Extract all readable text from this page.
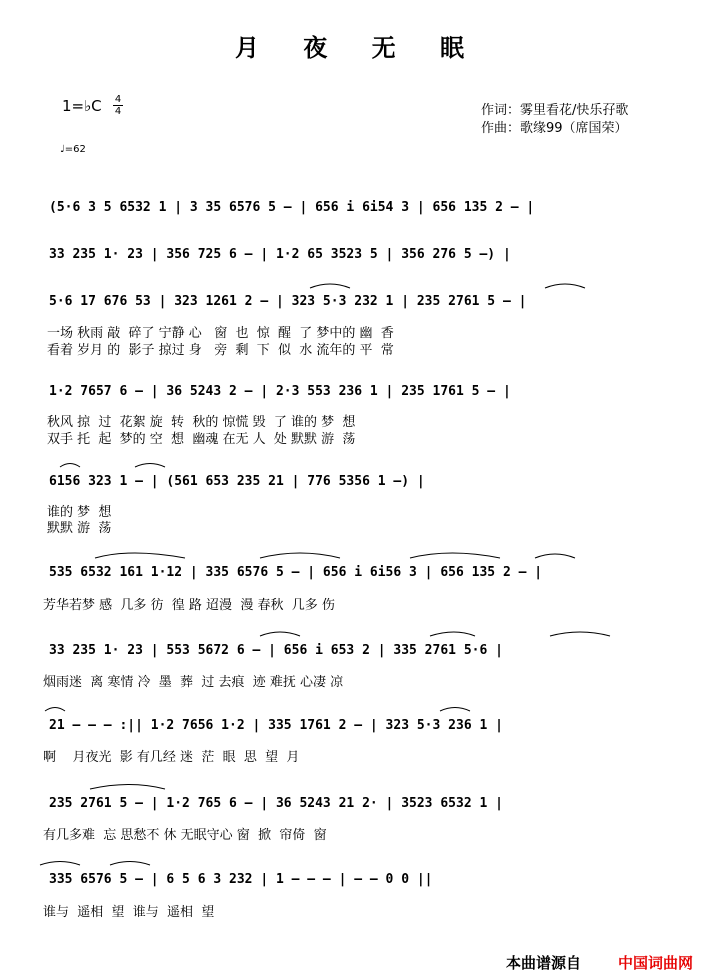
月 夜 无 眠
1=♭C 4
4
♩=62
作词：雾里看花/快乐孖歌
作曲：歌缘99（席国荣）
(5·6 3 5 6532 1 | 3 35 6576 5 – | 656 i 6i54 3 | 656 135 2 – |
33 235 1· 23 | 356 725 6 – | 1·2 65 3523 5 | 356 276 5 –) |
5·6 17 676 53 | 323 1261 2 – | 323 5·3 232 1 | 235 2761 5 – |
一场 秋雨 敲  碎了 宁静 心   窗  也  惊  醒  了 梦中的 幽  香
看着 岁月 的  影子 掠过 身   旁  剩  下  似  水 流年的 平  常
1·2 7657 6 – | 36 5243 2 – | 2·3 553 236 1 | 235 1761 5 – |
秋风 掠  过  花絮 旋  转  秋的 惊慌 毁  了 谁的 梦  想
双手 托  起  梦的 空  想  幽魂 在无 人  处 默默 游  荡
6156 323 1 – | (561 653 235 21 | 776 5356 1 –) |
谁的 梦  想
默默 游  荡
535 6532 161 1·12 | 335 6576 5 – | 656 i 6i56 3 | 656 135 2 – |
芳华若梦 感  几多 彷  徨 路 迢漫  漫 春秋  几多 伤
33 235 1· 23 | 553 5672 6 – | 656 i 653 2 | 335 2761 5·6 |
烟雨迷  离 寒情 冷  墨  葬  过 去痕  迹 难抚 心凄 凉
21 – – – :|| 1·2 7656 1·2 | 335 1761 2 – | 323 5·3 236 1 |
啊    月夜光  影 有几经 迷  茫  眼  思  望  月
235 2761 5 – | 1·2 765 6 – | 36 5243 21 2· | 3523 6532 1 |
有几多难  忘 思愁不 休 无眠守心 窗  掀  帘倚  窗
335 6576 5 – | 6 5 6 3 232 | 1 – – – | – – 0 0 ||
谁与  遥相  望  谁与  遥相  望
本曲谱源自 中国词曲网
